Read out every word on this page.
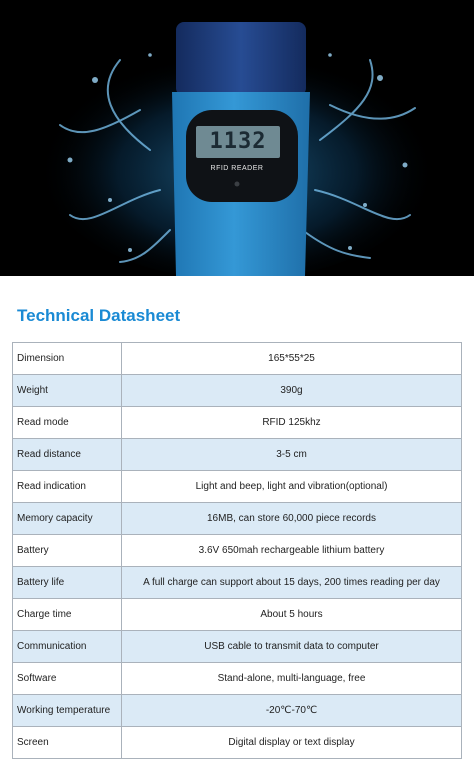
1132
RFID READER
Technical Datasheet
Dimension	165*55*25
Weight	390g
Read mode	RFID 125khz
Read distance	3-5 cm
Read indication	Light and beep, light and vibration(optional)
Memory capacity	16MB, can store 60,000 piece records
Battery	3.6V 650mah rechargeable lithium battery
Battery life	A full charge can support about 15 days, 200 times reading per day
Charge time	About 5 hours
Communication	USB cable to transmit data to computer
Software	Stand-alone, multi-language, free
Working temperature	-20℃-70℃
Screen	Digital display or text display
